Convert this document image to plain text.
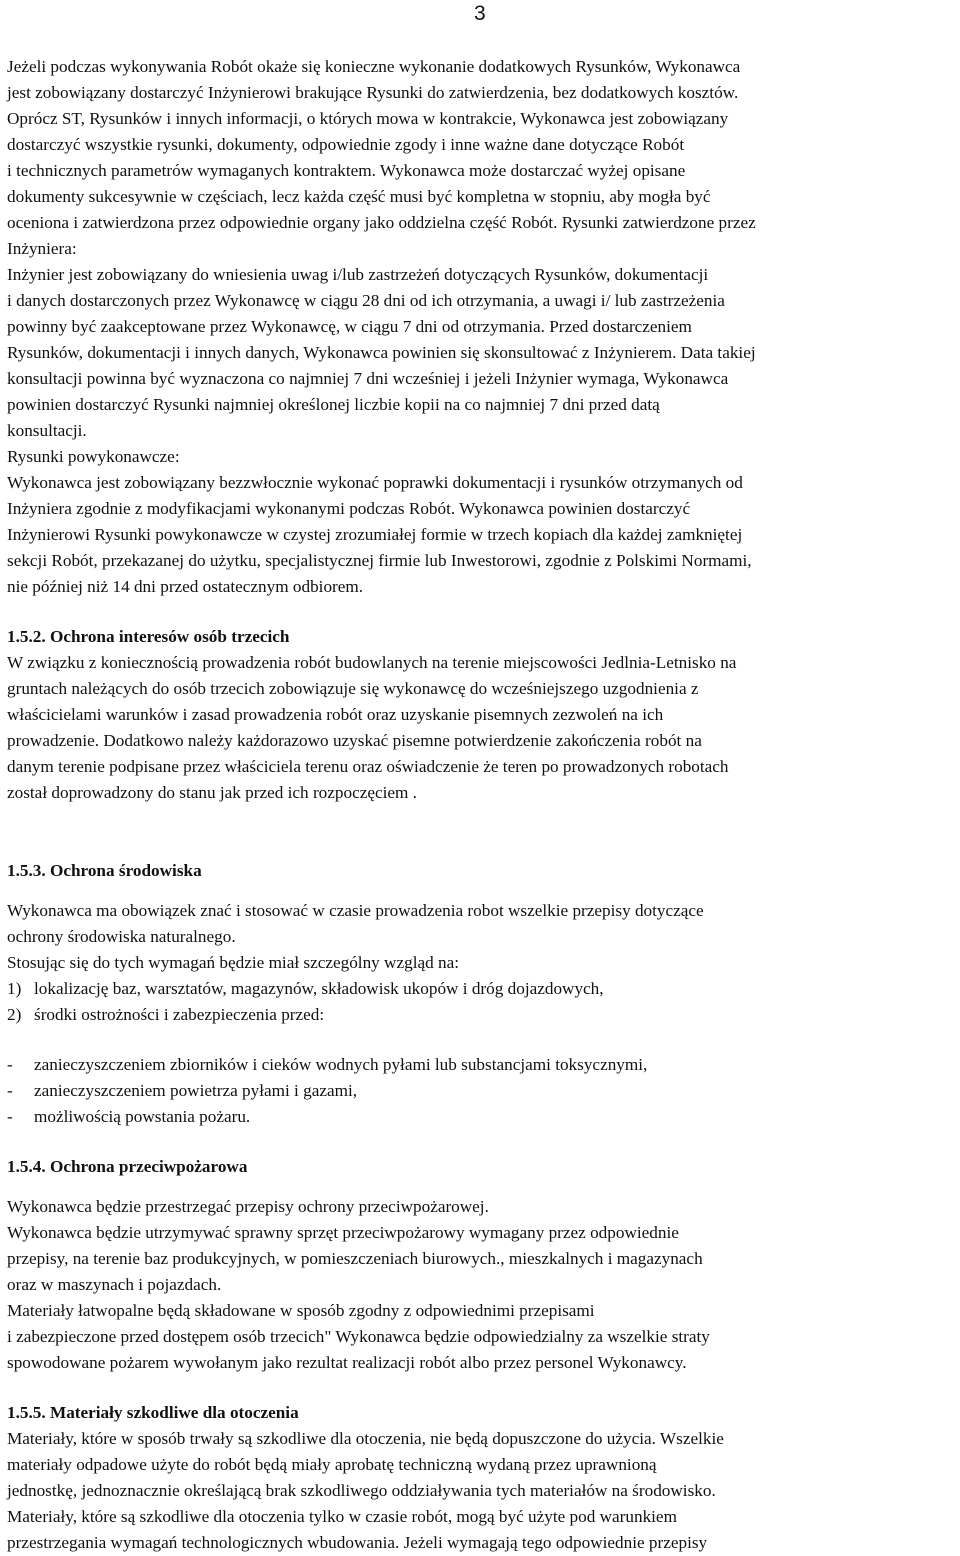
3

Jeżeli podczas wykonywania Robót okaże się konieczne wykonanie dodatkowych Rysunków, Wykonawca

jest zobowiązany dostarczyć Inżynierowi brakujące Rysunki do zatwierdzenia, bez dodatkowych kosztów.

Oprócz ST, Rysunków i innych informacji, o których mowa w kontrakcie, Wykonawca jest zobowiązany

dostarczyć wszystkie rysunki, dokumenty, odpowiednie zgody i inne ważne dane dotyczące Robót

i technicznych parametrów wymaganych kontraktem. Wykonawca może dostarczać wyżej opisane

dokumenty sukcesywnie w częściach, lecz każda część musi być kompletna w stopniu, aby mogła być

oceniona i zatwierdzona przez odpowiednie organy jako oddzielna część Robót. Rysunki zatwierdzone przez

Inżyniera:

Inżynier jest zobowiązany do wniesienia uwag i/lub zastrzeżeń dotyczących Rysunków, dokumentacji

i danych dostarczonych przez Wykonawcę w ciągu 28 dni od ich otrzymania, a uwagi i/ lub zastrzeżenia

powinny być zaakceptowane przez Wykonawcę, w ciągu 7 dni od otrzymania. Przed dostarczeniem

Rysunków, dokumentacji i innych danych, Wykonawca powinien się skonsultować z Inżynierem. Data takiej

konsultacji powinna być wyznaczona co najmniej 7 dni wcześniej i jeżeli Inżynier wymaga, Wykonawca

powinien dostarczyć Rysunki najmniej określonej liczbie kopii na co najmniej 7 dni przed datą

konsultacji.

Rysunki powykonawcze:

Wykonawca jest zobowiązany bezzwłocznie wykonać poprawki dokumentacji i rysunków otrzymanych od

Inżyniera zgodnie z modyfikacjami wykonanymi podczas Robót. Wykonawca powinien dostarczyć

Inżynierowi Rysunki powykonawcze w czystej zrozumiałej formie w trzech kopiach dla każdej zamkniętej

sekcji Robót, przekazanej do użytku, specjalistycznej firmie lub Inwestorowi, zgodnie z Polskimi Normami,

nie później niż 14 dni przed ostatecznym odbiorem.

1.5.2. Ochrona interesów osób trzecich

W związku z koniecznością prowadzenia robót budowlanych na terenie miejscowości Jedlnia-Letnisko na

gruntach należących do osób trzecich zobowiązuje się wykonawcę do wcześniejszego uzgodnienia z

właścicielami warunków i zasad prowadzenia robót oraz uzyskanie pisemnych zezwoleń na ich

prowadzenie. Dodatkowo należy każdorazowo uzyskać pisemne potwierdzenie zakończenia robót na

danym terenie podpisane przez właściciela terenu oraz oświadczenie że teren po prowadzonych robotach

został doprowadzony do stanu jak przed ich rozpoczęciem .

1.5.3. Ochrona środowiska

Wykonawca ma obowiązek znać i stosować w czasie prowadzenia robot wszelkie przepisy dotyczące

ochrony środowiska naturalnego.

Stosując się do tych wymagań będzie miał szczególny wzgląd na:

1) lokalizację baz, warsztatów, magazynów, składowisk ukopów i dróg dojazdowych,
2) środki ostrożności i zabezpieczenia przed:
-	zanieczyszczeniem zbiorników i cieków wodnych pyłami lub substancjami toksycznymi,
-	zanieczyszczeniem powietrza pyłami i gazami,
-	możliwością powstania pożaru.

1.5.4. Ochrona przeciwpożarowa

Wykonawca będzie przestrzegać przepisy ochrony przeciwpożarowej.

Wykonawca będzie utrzymywać sprawny sprzęt przeciwpożarowy wymagany przez odpowiednie

przepisy, na terenie baz produkcyjnych, w pomieszczeniach biurowych., mieszkalnych i magazynach

oraz w maszynach i pojazdach.

Materiały łatwopalne będą składowane w sposób zgodny z odpowiednimi przepisami

i zabezpieczone przed dostępem osób trzecich" Wykonawca będzie odpowiedzialny za wszelkie straty

spowodowane pożarem wywołanym jako rezultat realizacji robót albo przez personel Wykonawcy.

1.5.5. Materiały szkodliwe dla otoczenia

Materiały, które w sposób trwały są szkodliwe dla otoczenia, nie będą dopuszczone do użycia. Wszelkie

materiały odpadowe użyte do robót będą miały aprobatę techniczną wydaną przez uprawnioną

jednostkę, jednoznacznie określającą brak szkodliwego oddziaływania tych materiałów na środowisko.

Materiały, które są szkodliwe dla otoczenia tylko w czasie robót, mogą być użyte pod warunkiem

przestrzegania wymagań technologicznych wbudowania. Jeżeli wymagają tego odpowiednie przepisy
